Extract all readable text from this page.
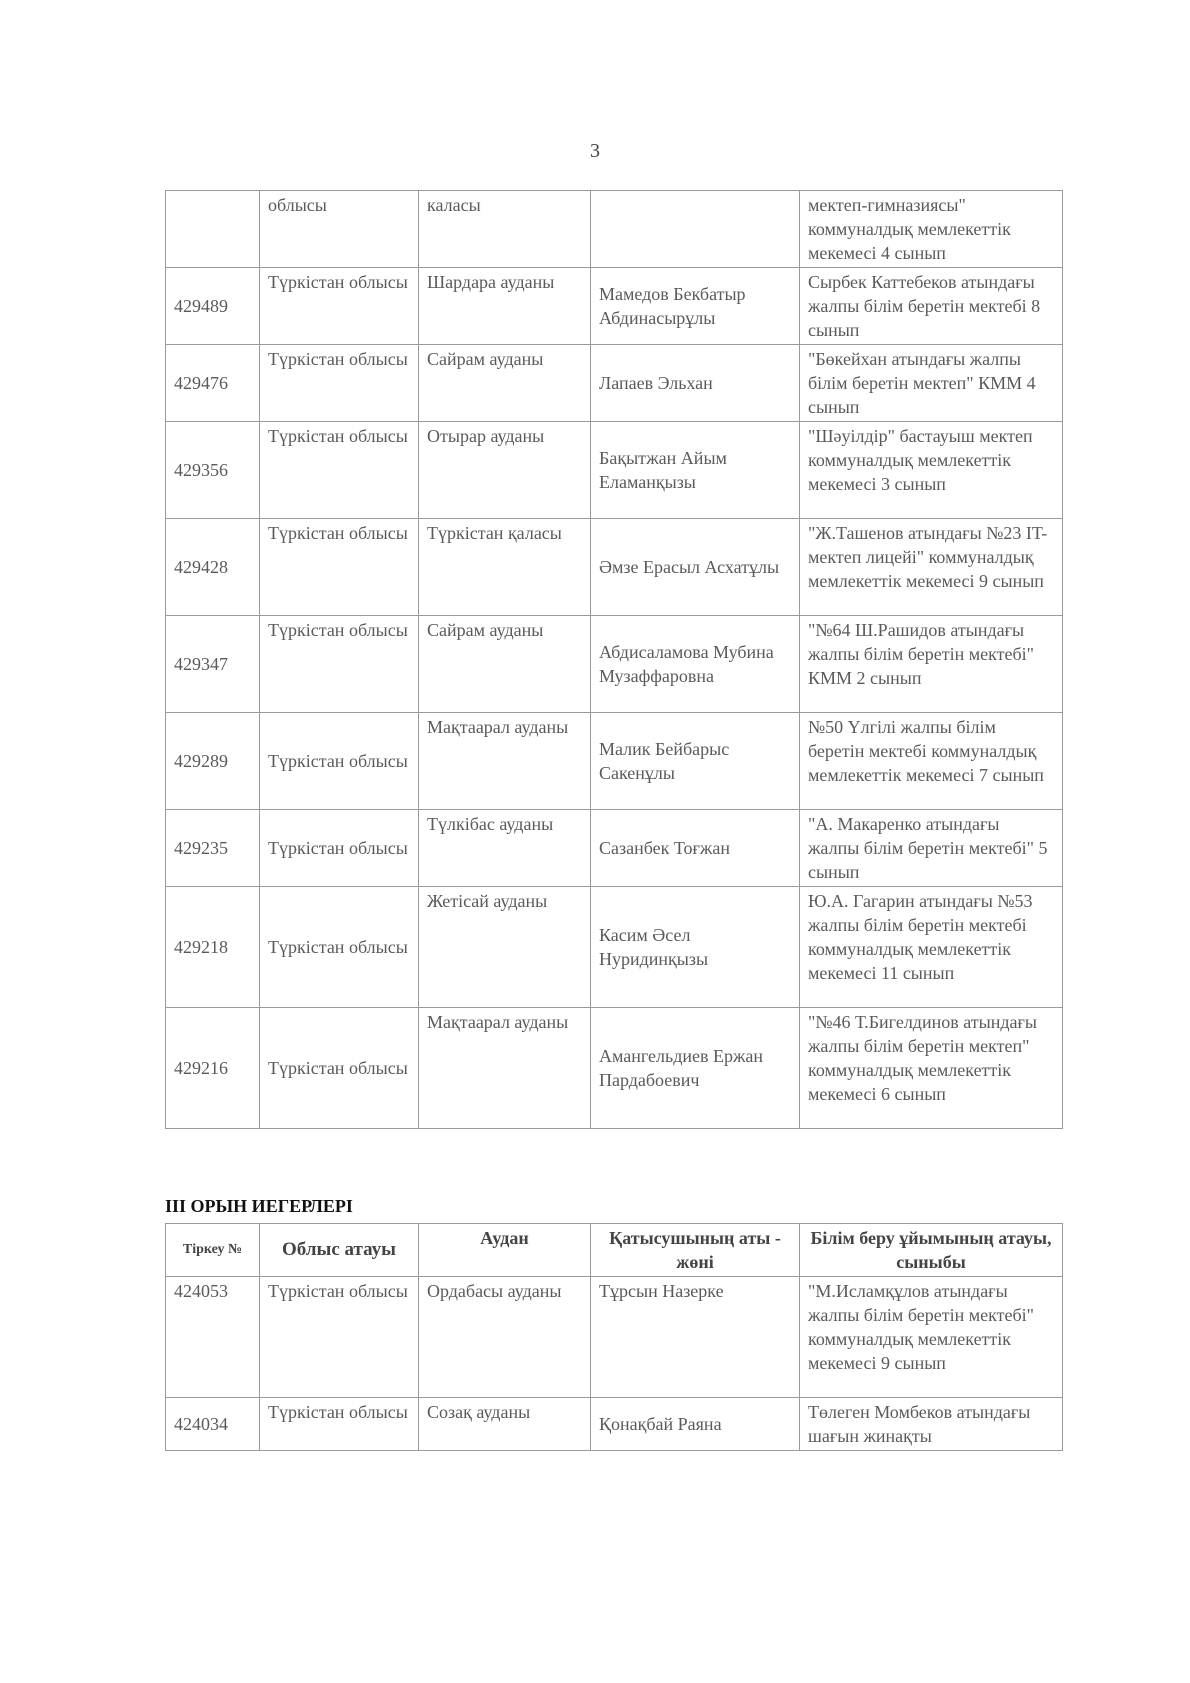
3
	облысы	каласы		мектеп-гимназиясы" коммунaлдық мемлекеттік мекемесі 4 сынып
429489	Түркістан облысы	Шардара ауданы	Мамедов Бекбатыр Абдинасырұлы	Сырбек Каттебеков атындағы жалпы білім беретін мектебі 8 сынып
429476	Түркістан облысы	Сайрам ауданы	Лапаев Эльхан	"Бөкейхан атындағы жалпы білім беретін мектеп" КММ 4 сынып
429356	Түркістан облысы	Отырар ауданы	Бақытжан Айым Еламанқызы	"Шәуілдір" бастауыш мектеп коммуналдық мемлекеттік мекемесі 3 сынып
429428	Түркістан облысы	Түркістан қаласы	Әмзе Ерасыл Асхатұлы	"Ж.Ташенов атындағы №23 IT-мектеп лицейі" коммуналдық мемлекеттік мекемесі 9 сынып
429347	Түркістан облысы	Сайрам ауданы	Абдисаламова Мубина Музаффаровна	"№64 Ш.Рашидов атындағы жалпы білім беретін мектебі" КММ 2 сынып
429289	Түркістан облысы	Мақтаарал ауданы	Малик Бейбарыс Сакенұлы	№50 Үлгілі жалпы білім беретін мектебі коммуналдық мемлекеттік мекемесі 7 сынып
429235	Түркістан облысы	Түлкібас ауданы	Сазанбек Тоғжан	"А. Макаренко атындағы жалпы білім беретін мектебі" 5 сынып
429218	Түркістан облысы	Жетісай ауданы	Касим Әсел Нуридинқызы	Ю.А. Гагарин атындағы №53 жалпы білім беретін мектебі коммуналдық мемлекеттік мекемесі 11 сынып
429216	Түркістан облысы	Мақтаарал ауданы	Амангельдиев Ержан Пардабоевич	"№46 Т.Бигелдинов атындағы жалпы білім беретін мектеп" коммуналдық мемлекеттік мекемесі 6 сынып
III ОРЫН ИЕГЕРЛЕРІ
Тіркеу №	Облыс атауы	Аудан	Қатысушының аты - жөні	Білім беру ұйымының атауы, сыныбы
424053	Түркістан облысы	Ордабасы ауданы	Тұрсын Назерке	"М.Исламқұлов атындағы жалпы білім беретін мектебі" коммуналдық мемлекеттік мекемесі 9 сынып
424034	Түркістан облысы	Созақ ауданы	Қонақбай Раяна	Төлеген Момбеков атындағы шағын жинақты
